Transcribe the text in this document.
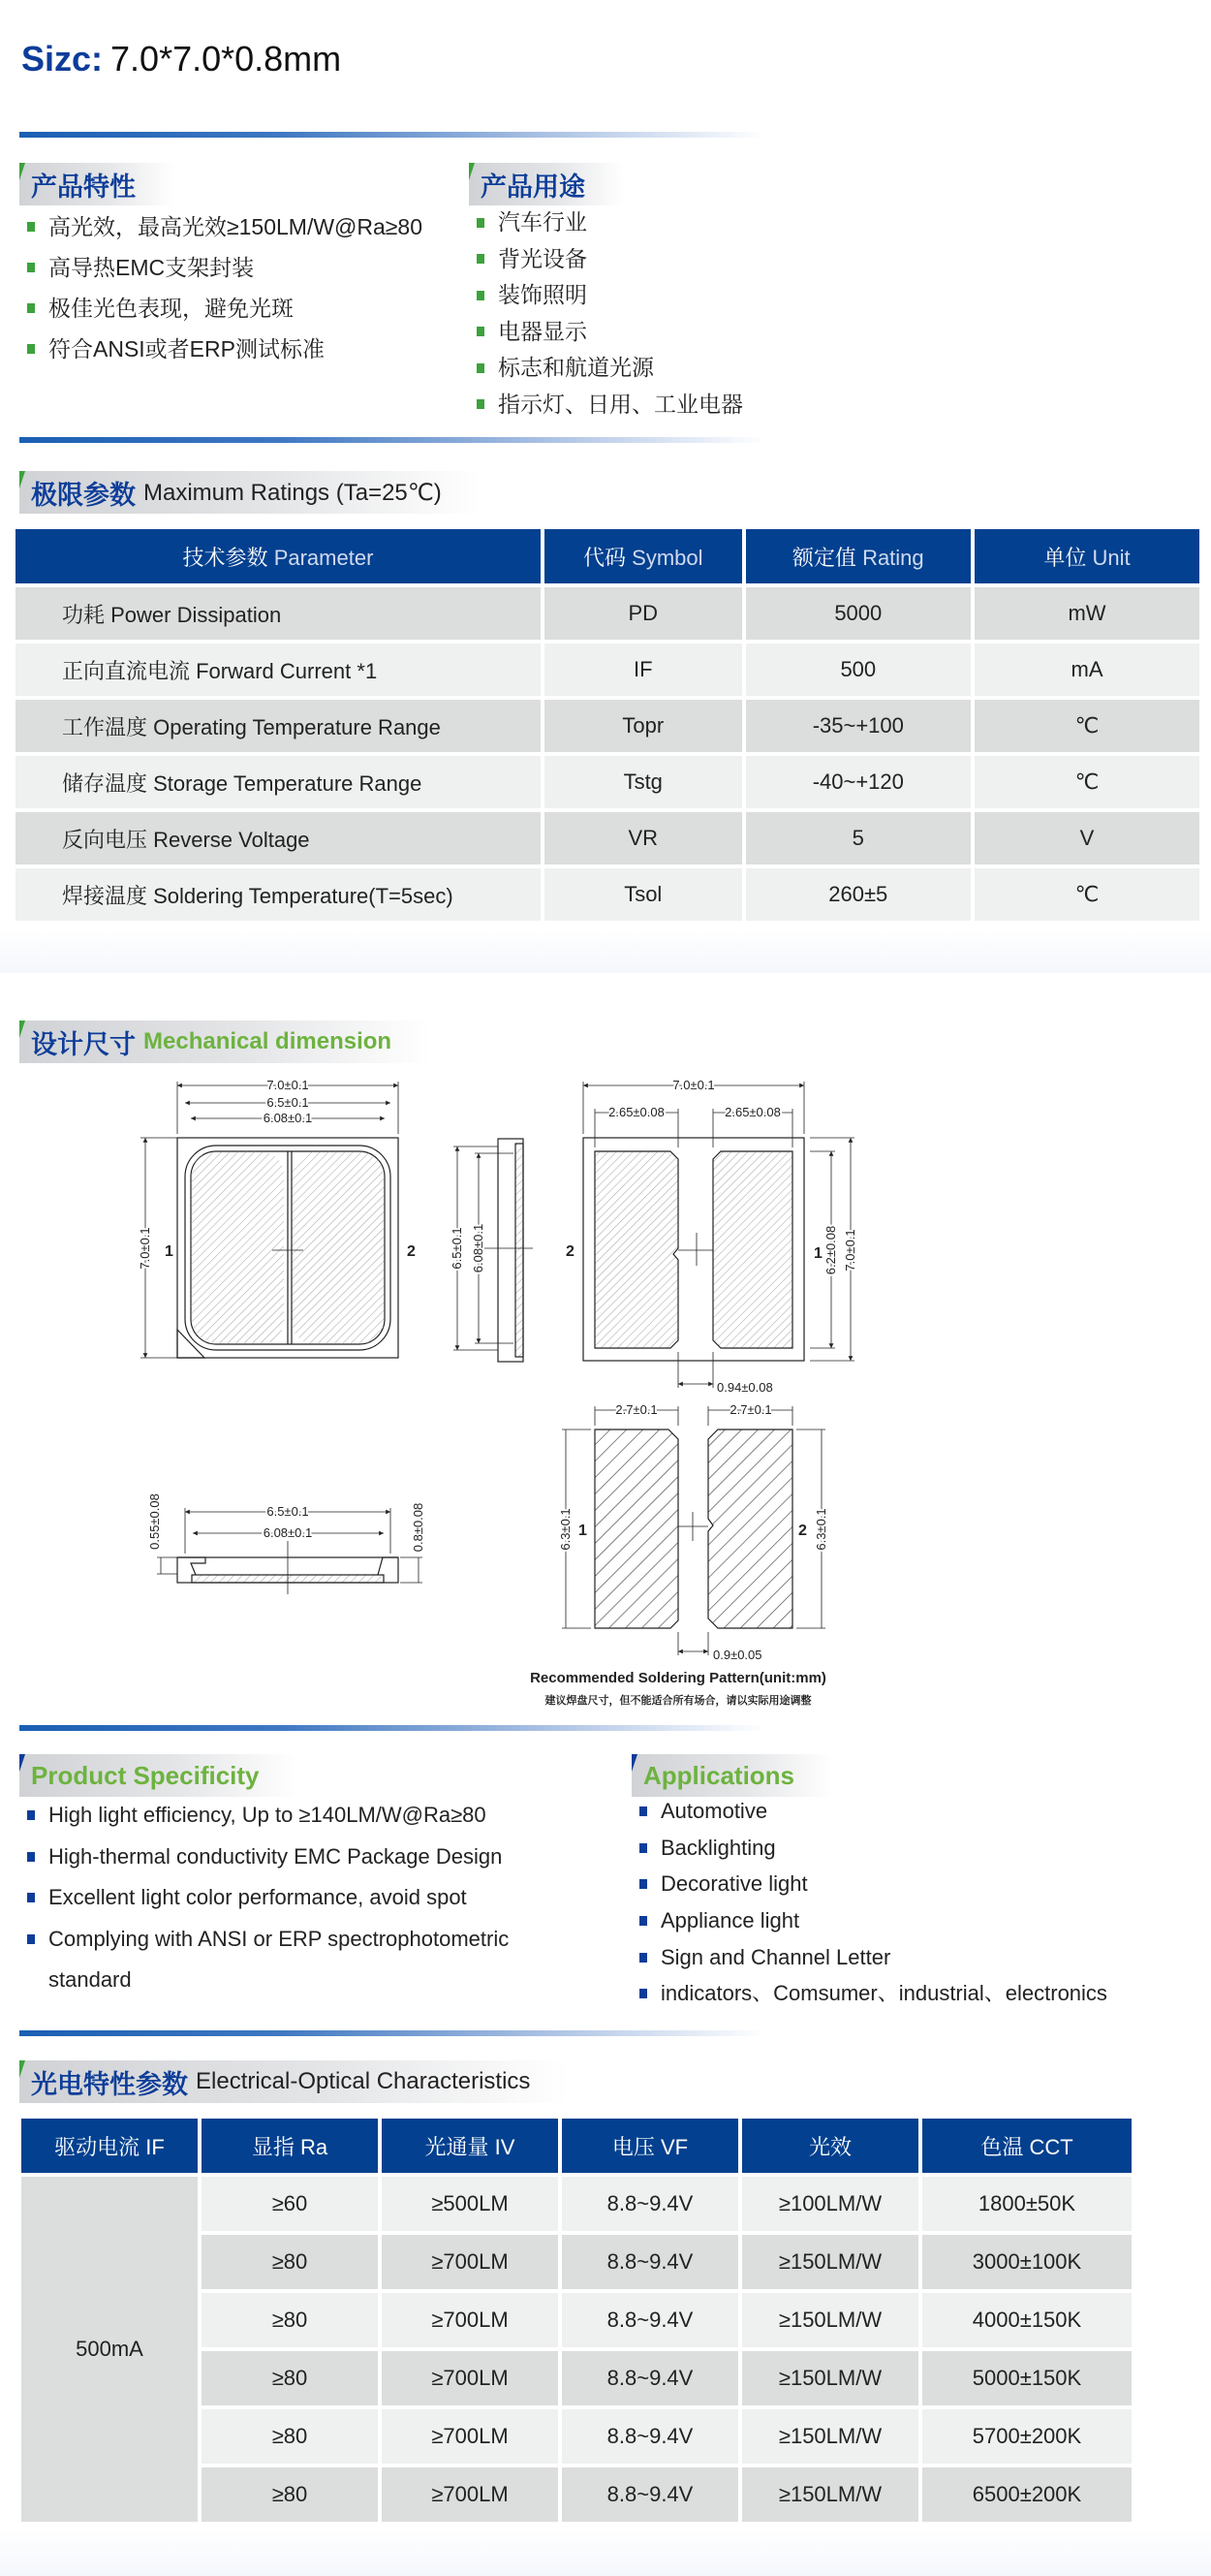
Sizc: 7.0*7.0*0.8mm
产品特性
高光效，最高光效≥150LM/W@Ra≥80
高导热EMC支架封装
极佳光色表现，避免光斑
符合ANSI或者ERP测试标准
产品用途
汽车行业
背光设备
装饰照明
电器显示
标志和航道光源
指示灯、日用、工业电器
极限参数 Maximum Ratings (Ta=25℃)
技术参数 Parameter	代码 Symbol	额定值 Rating	单位 Unit
功耗 Power Dissipation	PD	5000	mW
正向直流电流 Forward Current *1	IF	500	mA
工作温度 Operating Temperature Range	Topr	-35~+100	℃
储存温度 Storage Temperature Range	Tstg	-40~+120	℃
反向电压 Reverse Voltage	VR	5	V
焊接温度 Soldering Temperature(T=5sec)	Tsol	260±5	℃
设计尺寸 Mechanical dimension
7.0±0.1
6.5±0.1
6.08±0.1
7.0±0.1 1	2	6.5±0.1 6.08±0.1
7.0±0.1
2.65±0.08	2.65±0.08
6.2±0.08 7.0±0.1
0.94±0.08
2	1
6.5±0.1
6.08±0.1
0.55±0.08	0.8±0.08
2.7±0.1	2.7±0.1
6.3±0.1	6.3±0.1
0.9±0.05
1	2
Recommended Soldering Pattern(unit:mm)
建议焊盘尺寸，但不能适合所有场合，请以实际用途调整
Product Specificity
High light efficiency, Up to ≥140LM/W@Ra≥80
High-thermal conductivity EMC Package Design
Excellent light color performance, avoid spot
Complying with ANSI or ERP spectrophotometric
standard
Applications
Automotive
Backlighting
Decorative light
Appliance light
Sign and Channel Letter
indicators、Comsumer、industrial、electronics
光电特性参数 Electrical-Optical Characteristics
驱动电流 IF	显指 Ra	光通量 IV	电压 VF	光效	色温 CCT
500mA	≥60	≥500LM	8.8~9.4V	≥100LM/W	1800±50K
	≥80	≥700LM	8.8~9.4V	≥150LM/W	3000±100K
	≥80	≥700LM	8.8~9.4V	≥150LM/W	4000±150K
	≥80	≥700LM	8.8~9.4V	≥150LM/W	5000±150K
	≥80	≥700LM	8.8~9.4V	≥150LM/W	5700±200K
	≥80	≥700LM	8.8~9.4V	≥150LM/W	6500±200K
